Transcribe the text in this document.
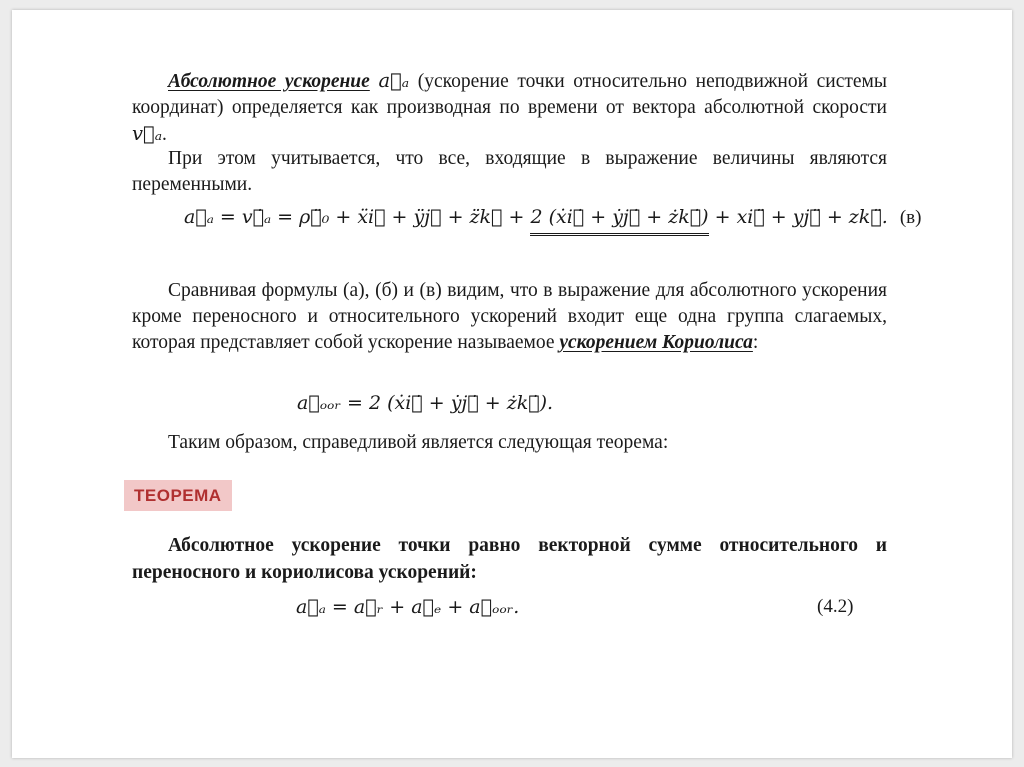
Абсолютное ускорение a⃗ₐ (ускорение точки относительно неподвижной системы координат) определяется как производная по времени от вектора абсолютной скорости v⃗ₐ.
При этом учитывается, что все, входящие в выражение величины являются переменными.
a⃗ₐ = v⃗̇ₐ = ρ⃗̈₀ + ẍi⃗ + ÿj⃗ + z̈k⃗ + 2 (ẋi⃗̇ + ẏj⃗̇ + żk⃗̇) + xi⃗̈ + yj⃗̈ + zk⃗̈. (в)
Сравнивая формулы (а), (б) и (в) видим, что в выражение для абсолютного ускорения кроме переносного и относительного ускорений входит еще одна группа слагаемых, которая представляет собой ускорение называемое ускорением Кориолиса:
a⃗ₒₒᵣ = 2 (ẋi⃗̇ + ẏj⃗̇ + żk⃗̇).
Таким образом, справедливой является следующая теорема:
ТЕОРЕМА
Абсолютное ускорение точки равно векторной сумме относительного и переносного и кориолисова ускорений:
a⃗ₐ = a⃗ᵣ + a⃗ₑ + a⃗ₒₒᵣ.	(4.2)
